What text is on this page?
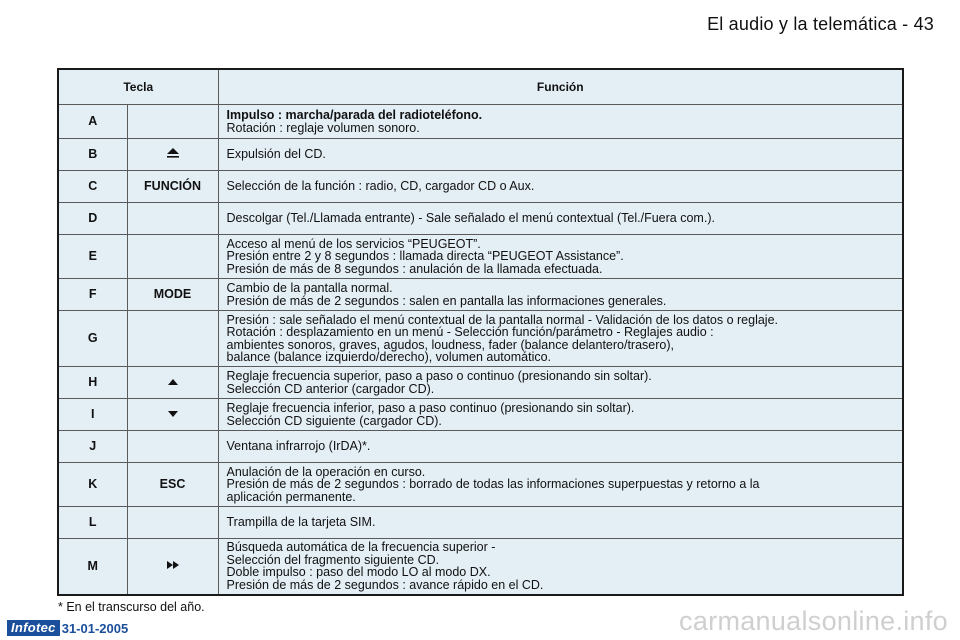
El audio y la telemática - 43
Tecla		Función
A		Impulso : marcha/parada del radioteléfono.
Rotación : reglaje volumen sonoro.

B		Expulsión del CD.

C	FUNCIÓN	Selección de la función : radio, CD, cargador CD o Aux.

D		Descolgar (Tel./Llamada entrante) - Sale señalado el menú contextual (Tel./Fuera com.).

E		Acceso al menú de los servicios “PEUGEOT”.
Presión entre 2 y 8 segundos : llamada directa “PEUGEOT Assistance”.
Presión de más de 8 segundos : anulación de la llamada efectuada.

F	MODE	Cambio de la pantalla normal.
Presión de más de 2 segundos : salen en pantalla las informaciones generales.

G		Presión : sale señalado el menú contextual de la pantalla normal - Validación de los datos o reglaje.
Rotación : desplazamiento en un menú - Selección función/parámetro - Reglajes audio :
ambientes sonoros, graves, agudos, loudness, fader (balance delantero/trasero),
balance (balance izquierdo/derecho), volumen automático.

H		Reglaje frecuencia superior, paso a paso o continuo (presionando sin soltar).
Selección CD anterior (cargador CD).

I		Reglaje frecuencia inferior, paso a paso continuo (presionando sin soltar).
Selección CD siguiente (cargador CD).

J		Ventana infrarrojo (IrDA)*.

K	ESC	Anulación de la operación en curso.
Presión de más de 2 segundos : borrado de todas las informaciones superpuestas y retorno a la
aplicación permanente.

L		Trampilla de la tarjeta SIM.

M		Búsqueda automática de la frecuencia superior -
Selección del fragmento siguiente CD.
Doble impulso : paso del modo LO al modo DX.
Presión de más de 2 segundos : avance rápido en el CD.
* En el transcurso del año.
Infotec 31-01-2005	carmanualsonline.info
